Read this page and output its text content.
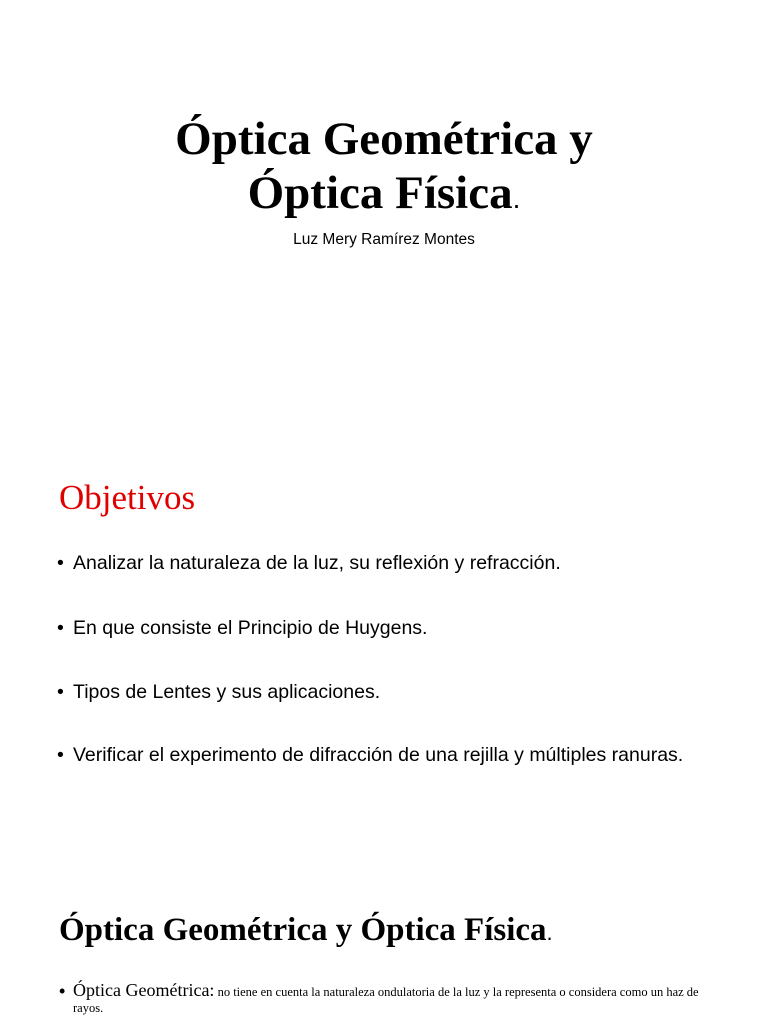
Óptica Geométrica y
Óptica Física.
Luz Mery Ramírez Montes
Objetivos
• Analizar la naturaleza de la luz, su reflexión y refracción.
• En que consiste el Principio de Huygens.
• Tipos de Lentes y sus aplicaciones.
• Verificar el experimento de difracción de una rejilla y múltiples ranuras.
Óptica Geométrica y Óptica Física.
• Óptica Geométrica: no tiene en cuenta la naturaleza ondulatoria de la luz y la representa o considera como un haz de rayos.
